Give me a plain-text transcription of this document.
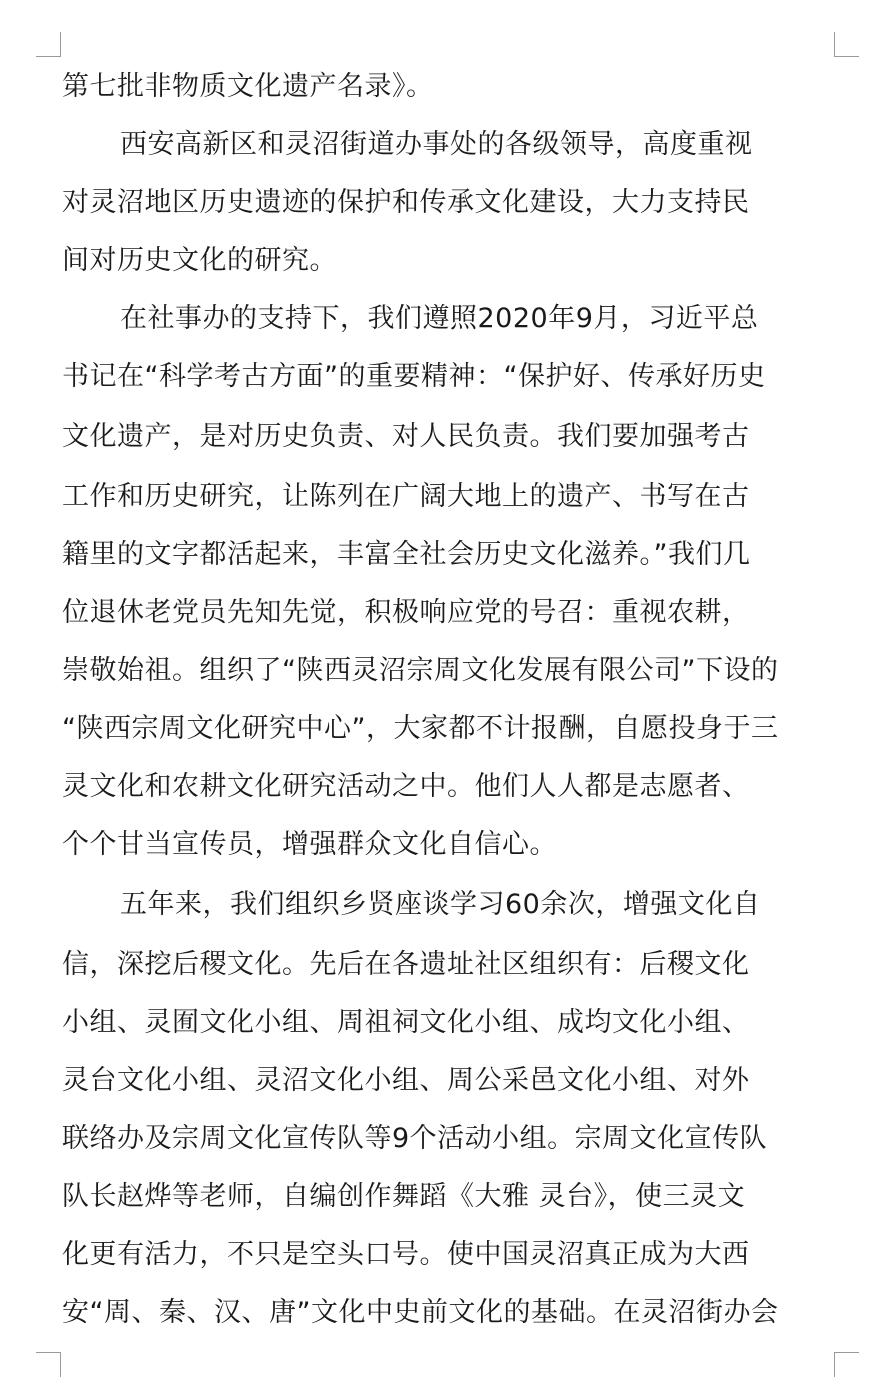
第七批非物质文化遗产名录》。
西安高新区和灵沼街道办事处的各级领导，高度重视
对灵沼地区历史遗迹的保护和传承文化建设，大力支持民
间对历史文化的研究。
在社事办的支持下，我们遵照2020年9月，习近平总
书记在“科学考古方面”的重要精神：“保护好、传承好历史
文化遗产，是对历史负责、对人民负责。我们要加强考古
工作和历史研究，让陈列在广阔大地上的遗产、书写在古
籍里的文字都活起来，丰富全社会历史文化滋养。”我们几
位退休老党员先知先觉，积极响应党的号召：重视农耕，
崇敬始祖。组织了“陕西灵沼宗周文化发展有限公司”下设的
“陕西宗周文化研究中心”，大家都不计报酬，自愿投身于三
灵文化和农耕文化研究活动之中。他们人人都是志愿者、
个个甘当宣传员，增强群众文化自信心。
五年来，我们组织乡贤座谈学习60余次，增强文化自
信，深挖后稷文化。先后在各遗址社区组织有：后稷文化
小组、灵囿文化小组、周祖祠文化小组、成均文化小组、
灵台文化小组、灵沼文化小组、周公采邑文化小组、对外
联络办及宗周文化宣传队等9个活动小组。宗周文化宣传队
队长赵烨等老师，自编创作舞蹈《大雅 灵台》，使三灵文
化更有活力，不只是空头口号。使中国灵沼真正成为大西
安“周、秦、汉、唐”文化中史前文化的基础。在灵沼街办会
